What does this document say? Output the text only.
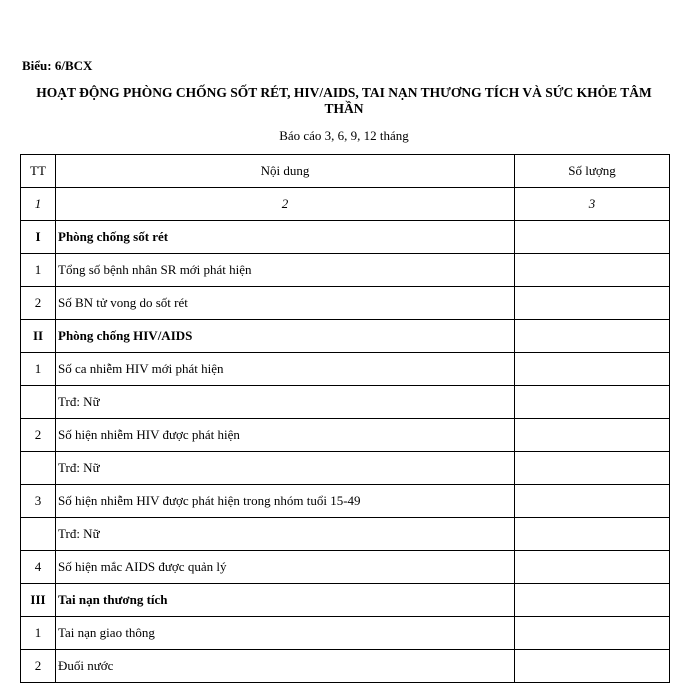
Biểu: 6/BCX
HOẠT ĐỘNG PHÒNG CHỐNG SỐT RÉT, HIV/AIDS, TAI NẠN THƯƠNG TÍCH VÀ SỨC KHỎE TÂM THẦN
Báo cáo 3, 6, 9, 12 tháng
TT	Nội dung	Số lượng
1	2	3
I	Phòng chống sốt rét	
1	Tổng số bệnh nhân SR mới phát hiện	
2	Số BN tử vong do sốt rét	
II	Phòng chống HIV/AIDS	
1	Số ca nhiễm HIV mới phát hiện	
	Trđ: Nữ	
2	Số hiện nhiễm HIV được phát hiện	
	Trđ: Nữ	
3	Số hiện nhiễm HIV được phát hiện trong nhóm tuổi 15-49	
	Trđ: Nữ	
4	Số hiện mắc AIDS được quản lý	
III	Tai nạn thương tích	
1	Tai nạn giao thông	
2	Đuối nước	
